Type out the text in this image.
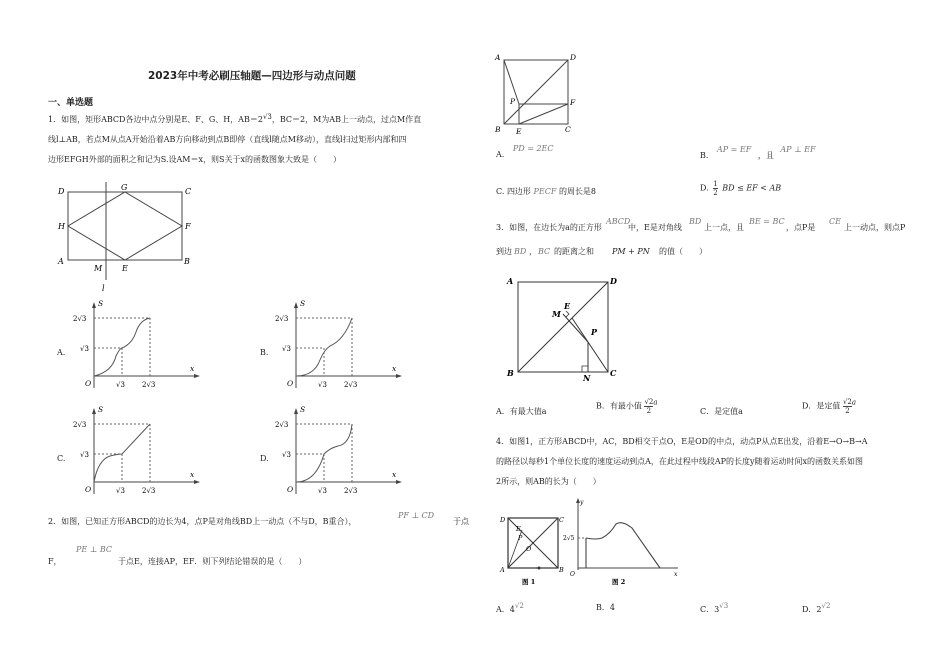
2023年中考必刷压轴题—四边形与动点问题
一、单选题
1．如图，矩形ABCD各边中点分别是E、F、G、H，AB＝2√3，BC＝2，M为AB上一动点，过点M作直
线l⊥AB，若点M从点A开始沿着AB方向移动到点B即停（直线l随点M移动），直线l扫过矩形内部和四
边形EFGH外部的面积之和记为S.设AM＝x，则S关于x的函数图象大致是（　　）
D	G	C
H	F
A
M E
B
l
A.	B.
C.	D.
S
x
O
2√3
√3
√3 2√3
S
x
O
2√3
√3
√3 2√3
S
x
O
2√3
√3
√3 2√3
S
x
O
2√3
√3
√3 2√3
2．如图，已知正方形ABCD的边长为4，点P是对角线BD上一动点（不与D，B重合），
PF ⊥ CD
于点
F，
PE ⊥ BC
于点E，连接AP，EF．则下列结论错误的是（　　）
A	D
P	F
B E	C
A. PD = 2EC
B. AP = EF ，且 AP ⊥ EF
C. 四边形 PECF 的周长是8	D. $\frac{1}{2}$ BD ≤ EF < AB
3．如图，在边长为a的正方形
ABCD
中，E是对角线
BD
上一点，且
BE = BC
，点P是
CE
上一动点，则点P
到边 BD ， BC 的距离之和 PM + PN 的值（　　）
A	D
E
M
P
B	N C
A．有最大值a
B．有最小值 $\frac{√2}{2}$ a
C．是定值a
D．是定值 $\frac{√2}{2}$ a
4．如图1，正方形ABCD中，AC，BD相交于点O，E是OD的中点，动点P从点E出发，沿着E→O→B→A
的路径以每秒1个单位长度的速度运动到点A，在此过程中线段AP的长度y随着运动时间x的函数关系如图
2所示，则AB的长为（　　）
D	C
E
O
P
A	B
图 1
y
x
O
2√5
图 2
A．4√2	B．4	C．3√3	D．2√2
